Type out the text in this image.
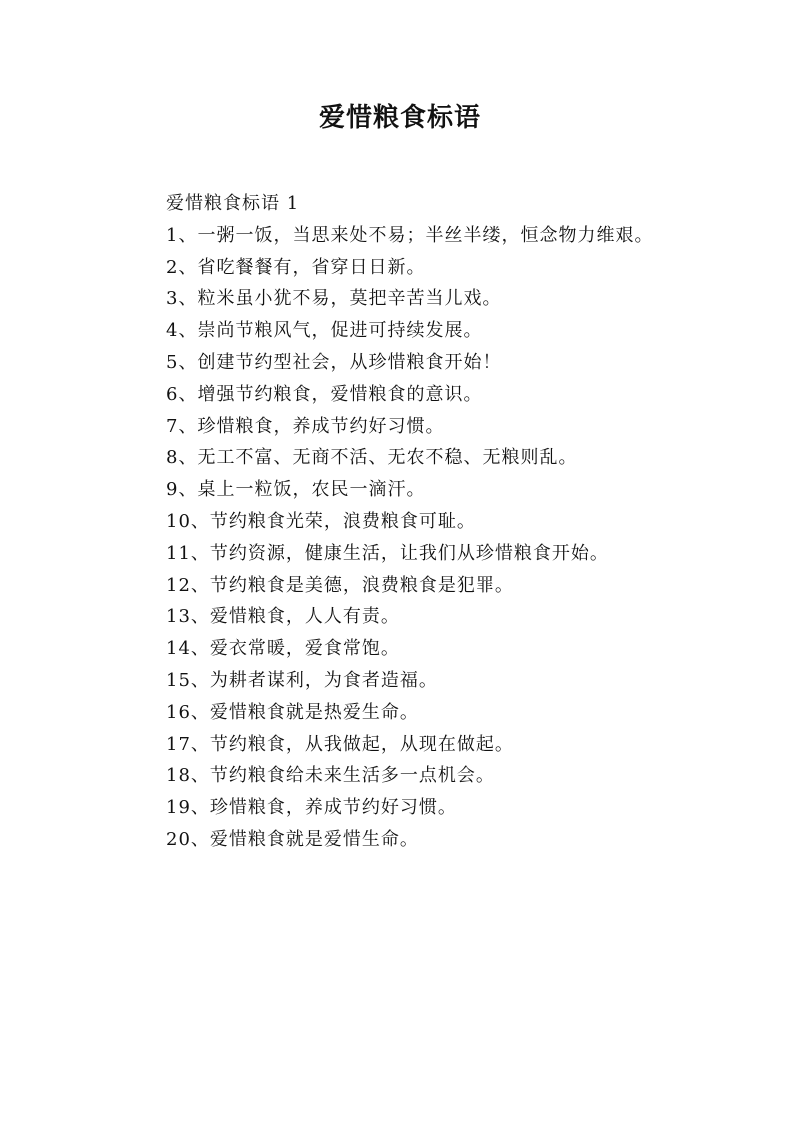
爱惜粮食标语

爱惜粮食标语 1

1、一粥一饭，当思来处不易；半丝半缕，恒念物力维艰。

2、省吃餐餐有，省穿日日新。

3、粒米虽小犹不易，莫把辛苦当儿戏。

4、崇尚节粮风气，促进可持续发展。

5、创建节约型社会，从珍惜粮食开始！

6、增强节约粮食，爱惜粮食的意识。

7、珍惜粮食，养成节约好习惯。

8、无工不富、无商不活、无农不稳、无粮则乱。

9、桌上一粒饭，农民一滴汗。

10、节约粮食光荣，浪费粮食可耻。

11、节约资源，健康生活，让我们从珍惜粮食开始。

12、节约粮食是美德，浪费粮食是犯罪。

13、爱惜粮食，人人有责。

14、爱衣常暖，爱食常饱。

15、为耕者谋利，为食者造福。

16、爱惜粮食就是热爱生命。

17、节约粮食，从我做起，从现在做起。

18、节约粮食给未来生活多一点机会。

19、珍惜粮食，养成节约好习惯。

20、爱惜粮食就是爱惜生命。
